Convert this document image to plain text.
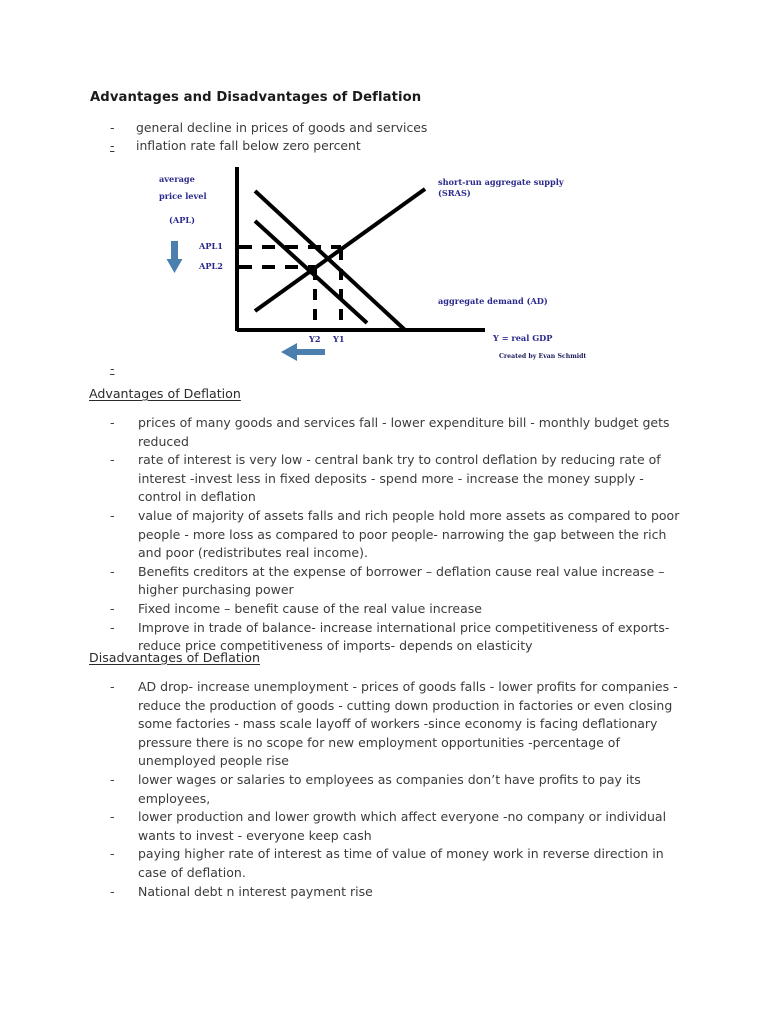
Advantages and Disadvantages of Deflation
-	general decline in prices of goods and services
-	inflation rate fall below zero percent
average
price level
(APL)
APL1
APL2
short-run aggregate supply
(SRAS)
aggregate demand (AD)
Y2 Y1	Y = real GDP
Created by Evan Schmidt
-
Advantages of Deflation
-	prices of many goods and services fall - lower expenditure bill - monthly budget gets reduced
-	rate of interest is very low - central bank try to control deflation by reducing rate of interest -invest less in fixed deposits - spend more - increase the money supply - control in deflation
-	value of majority of assets falls and rich people hold more assets as compared to poor people - more loss as compared to poor people- narrowing the gap between the rich and poor (redistributes real income).
-	Benefits creditors at the expense of borrower – deflation cause real value increase – higher purchasing power
-	Fixed income – benefit cause of the real value increase
-	Improve in trade of balance- increase international price competitiveness of exports- reduce price competitiveness of imports- depends on elasticity
Disadvantages of Deflation
-	AD drop- increase unemployment - prices of goods falls - lower profits for companies - reduce the production of goods - cutting down production in factories or even closing some factories - mass scale layoff of workers -since economy is facing deflationary pressure there is no scope for new employment opportunities -percentage of unemployed people rise
-	lower wages or salaries to employees as companies don’t have profits to pay its employees,
-	lower production and lower growth which affect everyone -no company or individual wants to invest - everyone keep cash
-	paying higher rate of interest as time of value of money work in reverse direction in case of deflation.
-	National debt n interest payment rise
